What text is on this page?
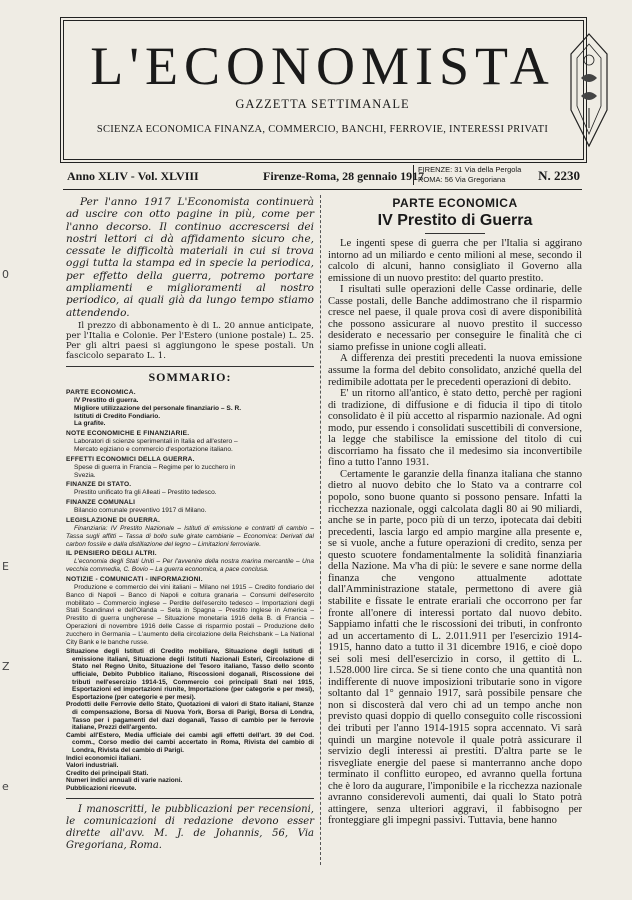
0
E
Z
e
L'ECONOMISTA
GAZZETTA SETTIMANALE
SCIENZA ECONOMICA FINANZA, COMMERCIO, BANCHI, FERROVIE, INTERESSI PRIVATI
Anno XLIV - Vol. XLVIII	Firenze-Roma, 28 gennaio 1917
FIRENZE: 31 Via della Pergola
ROMA: 56 Via Gregoriana	N. 2230

Per l'anno 1917 L'Economista continuerà ad uscire con otto pagine in più, come per l'anno decorso. Il continuo accrescersi dei nostri lettori ci dà affidamento sicuro che, cessate le difficoltà materiali in cui si trova oggi tutta la stampa ed in specie la periodica, per effetto della guerra, potremo portare ampliamenti e miglioramenti al nostro periodico, ai quali già da lungo tempo stiamo attendendo.

Il prezzo di abbonamento è di L. 20 annue anticipate, per l'Italia e Colonie. Per l'Estero (unione postale) L. 25. Per gli altri paesi si aggiungono le spese postali. Un fascicolo separato L. 1.

SOMMARIO:
PARTE ECONOMICA.
IV Prestito di guerra.
Migliore utilizzazione del personale finanziario – S. R.
Istituti di Credito Fondiario.
La grafite.
NOTE ECONOMICHE E FINANZIARIE.
Laboratori di scienze sperimentali in Italia ed all'estero –
Mercato egiziano e commercio d'esportazione italiano.
EFFETTI ECONOMICI DELLA GUERRA.
Spese di guerra in Francia – Regime per lo zucchero in
Svezia.
FINANZE DI STATO.
Prestito unificato fra gli Alleati – Prestito tedesco.
FINANZE COMUNALI
Bilancio comunale preventivo 1917 di Milano.
LEGISLAZIONE DI GUERRA.
Finanziaria: IV Prestito Nazionale – Istituti di emissione e contratti di cambio – Tassa sugli affitti – Tassa di bollo sulle girate cambiarie – Economica: Derivati dal carbon fossile e dalla distillazione del legno – Limitazioni ferroviarie.
IL PENSIERO DEGLI ALTRI.
L'economia degli Stati Uniti – Per l'avvenire della nostra marina mercantile – Una vecchia commedia, C. Bovio – La guerra economica, a pace conclusa.
NOTIZIE - COMUNICATI - INFORMAZIONI.
Produzione e commercio dei vini italiani – Milano nel 1915 – Credito fondiario del Banco di Napoli – Banco di Napoli e coltura granaria – Consumi dell'esercito mobilitato – Commercio inglese – Perdite dell'esercito tedesco – Importazioni degli Stati Scandinavi e dell'Olanda – Seta in Spagna – Prestito inglese in America – Prestito di guerra ungherese – Situazione monetaria 1916 della B. di Francia – Operazioni di novembre 1916 delle Casse di risparmio postali – Produzione dello zucchero in Germania – L'aumento della circolazione della Reichsbank – La National City Bank e le banche russe.

Situazione degli Istituti di Credito mobiliare, Situazione degli Istituti di emissione italiani, Situazione degli Istituti Nazionali Esteri, Circolazione di Stato nel Regno Unito, Situazione del Tesoro italiano, Tasso dello sconto ufficiale, Debito Pubblico italiano, Riscossioni doganali, Riscossione dei tributi nell'esercizio 1914-15, Commercio coi principali Stati nel 1915, Esportazioni ed importazioni riunite, Importazione (per categorie e per mesi), Esportazione (per categorie e per mesi).

Prodotti delle Ferrovie dello Stato, Quotazioni di valori di Stato italiani, Stanze di compensazione, Borsa di Nuova York, Borsa di Parigi, Borsa di Londra, Tasso per i pagamenti del dazi doganali, Tasso di cambio per le ferrovie italiane, Prezzi dell'argento.

Cambi all'Estero, Media ufficiale dei cambi agli effetti dell'art. 39 del Cod. comm., Corso medio dei cambi accertato in Roma, Rivista del cambio di Londra, Rivista del cambio di Parigi.

Indici economici italiani.
Valori industriali.
Credito dei principali Stati.
Numeri indici annuali di varie nazioni.
Pubblicazioni ricevute.
I manoscritti, le pubblicazioni per recensioni, le comunicazioni di redazione devono esser dirette all'avv. M. J. de Johannis, 56, Via Gregoriana, Roma.
PARTE ECONOMICA
IV Prestito di Guerra

Le ingenti spese di guerra che per l'Italia si aggirano intorno ad un miliardo e cento milioni al mese, secondo il calcolo di alcuni, hanno consigliato il Governo alla emissione di un nuovo prestito: del quarto prestito.

I risultati sulle operazioni delle Casse ordinarie, delle Casse postali, delle Banche addimostrano che il risparmio cresce nel paese, il quale prova così di avere disponibilità che possono assicurare al nuovo prestito il successo desiderato e necessario per conseguire le finalità che ci siamo prefisse in unione cogli alleati.

A differenza dei prestiti precedenti la nuova emissione assume la forma del debito consolidato, anziché quella del redimibile adottata per le precedenti operazioni di debito.

E' un ritorno all'antico, è stato detto, perchè per ragioni di tradizione, di diffusione e di fiducia il tipo di titolo consolidato è il più accetto al risparmio nazionale. Ad ogni modo, pur essendo i consolidati suscettibili di conversione, la legge che stabilisce la emissione del titolo di cui discorriamo ha fissato che il medesimo sia inconvertibile fino a tutto l'anno 1931.

Certamente le garanzie della finanza italiana che stanno dietro al nuovo debito che lo Stato va a contrarre col popolo, sono buone quanto si possono pensare. Infatti la ricchezza nazionale, oggi calcolata dagli 80 ai 90 miliardi, anche se in parte, poco più di un terzo, ipotecata dai debiti precedenti, lascia largo ed ampio margine alla presente e, se si vuole, anche a future operazioni di credito, senza per questo scuotere fondamentalmente la solidità finanziaria della Nazione. Ma v'ha di più: le severe e sane norme della finanza che vengono attualmente adottate dall'Amministrazione statale, permettono di avere già stabilite e fissate le entrate erariali che occorrono per far fronte all'onere di interessi portato dal nuovo debito. Sappiamo infatti che le riscossioni dei tributi, in confronto ad un accertamento di L. 2.011.911 per l'esercizio 1914-1915, hanno dato a tutto il 31 dicembre 1916, e cioè dopo sei soli mesi dell'esercizio in corso, il gettito di L. 1.528.000 lire circa. Se si tiene conto che una quantità non indifferente di nuove imposizioni tributarie sono in vigore soltanto dal 1° gennaio 1917, sarà possibile pensare che non si discosterà dal vero chi ad un tempo anche non previsto quasi doppio di quello conseguito colle riscossioni dei tributi per l'anno 1914-1915 sopra accennato. Vi sarà quindi un margine notevole il quale potrà assicurare il servizio degli interessi ai prestiti. D'altra parte se le risvegliate energie del paese si manterranno anche dopo terminato il conflitto europeo, ed avranno quella fortuna che è loro da augurare, l'imponibile e la ricchezza nazionale avranno considerevoli aumenti, dai quali lo Stato potrà attingere, senza ulteriori aggravi, il fabbisogno per fronteggiare gli impegni passivi. Tuttavia, bene hanno
